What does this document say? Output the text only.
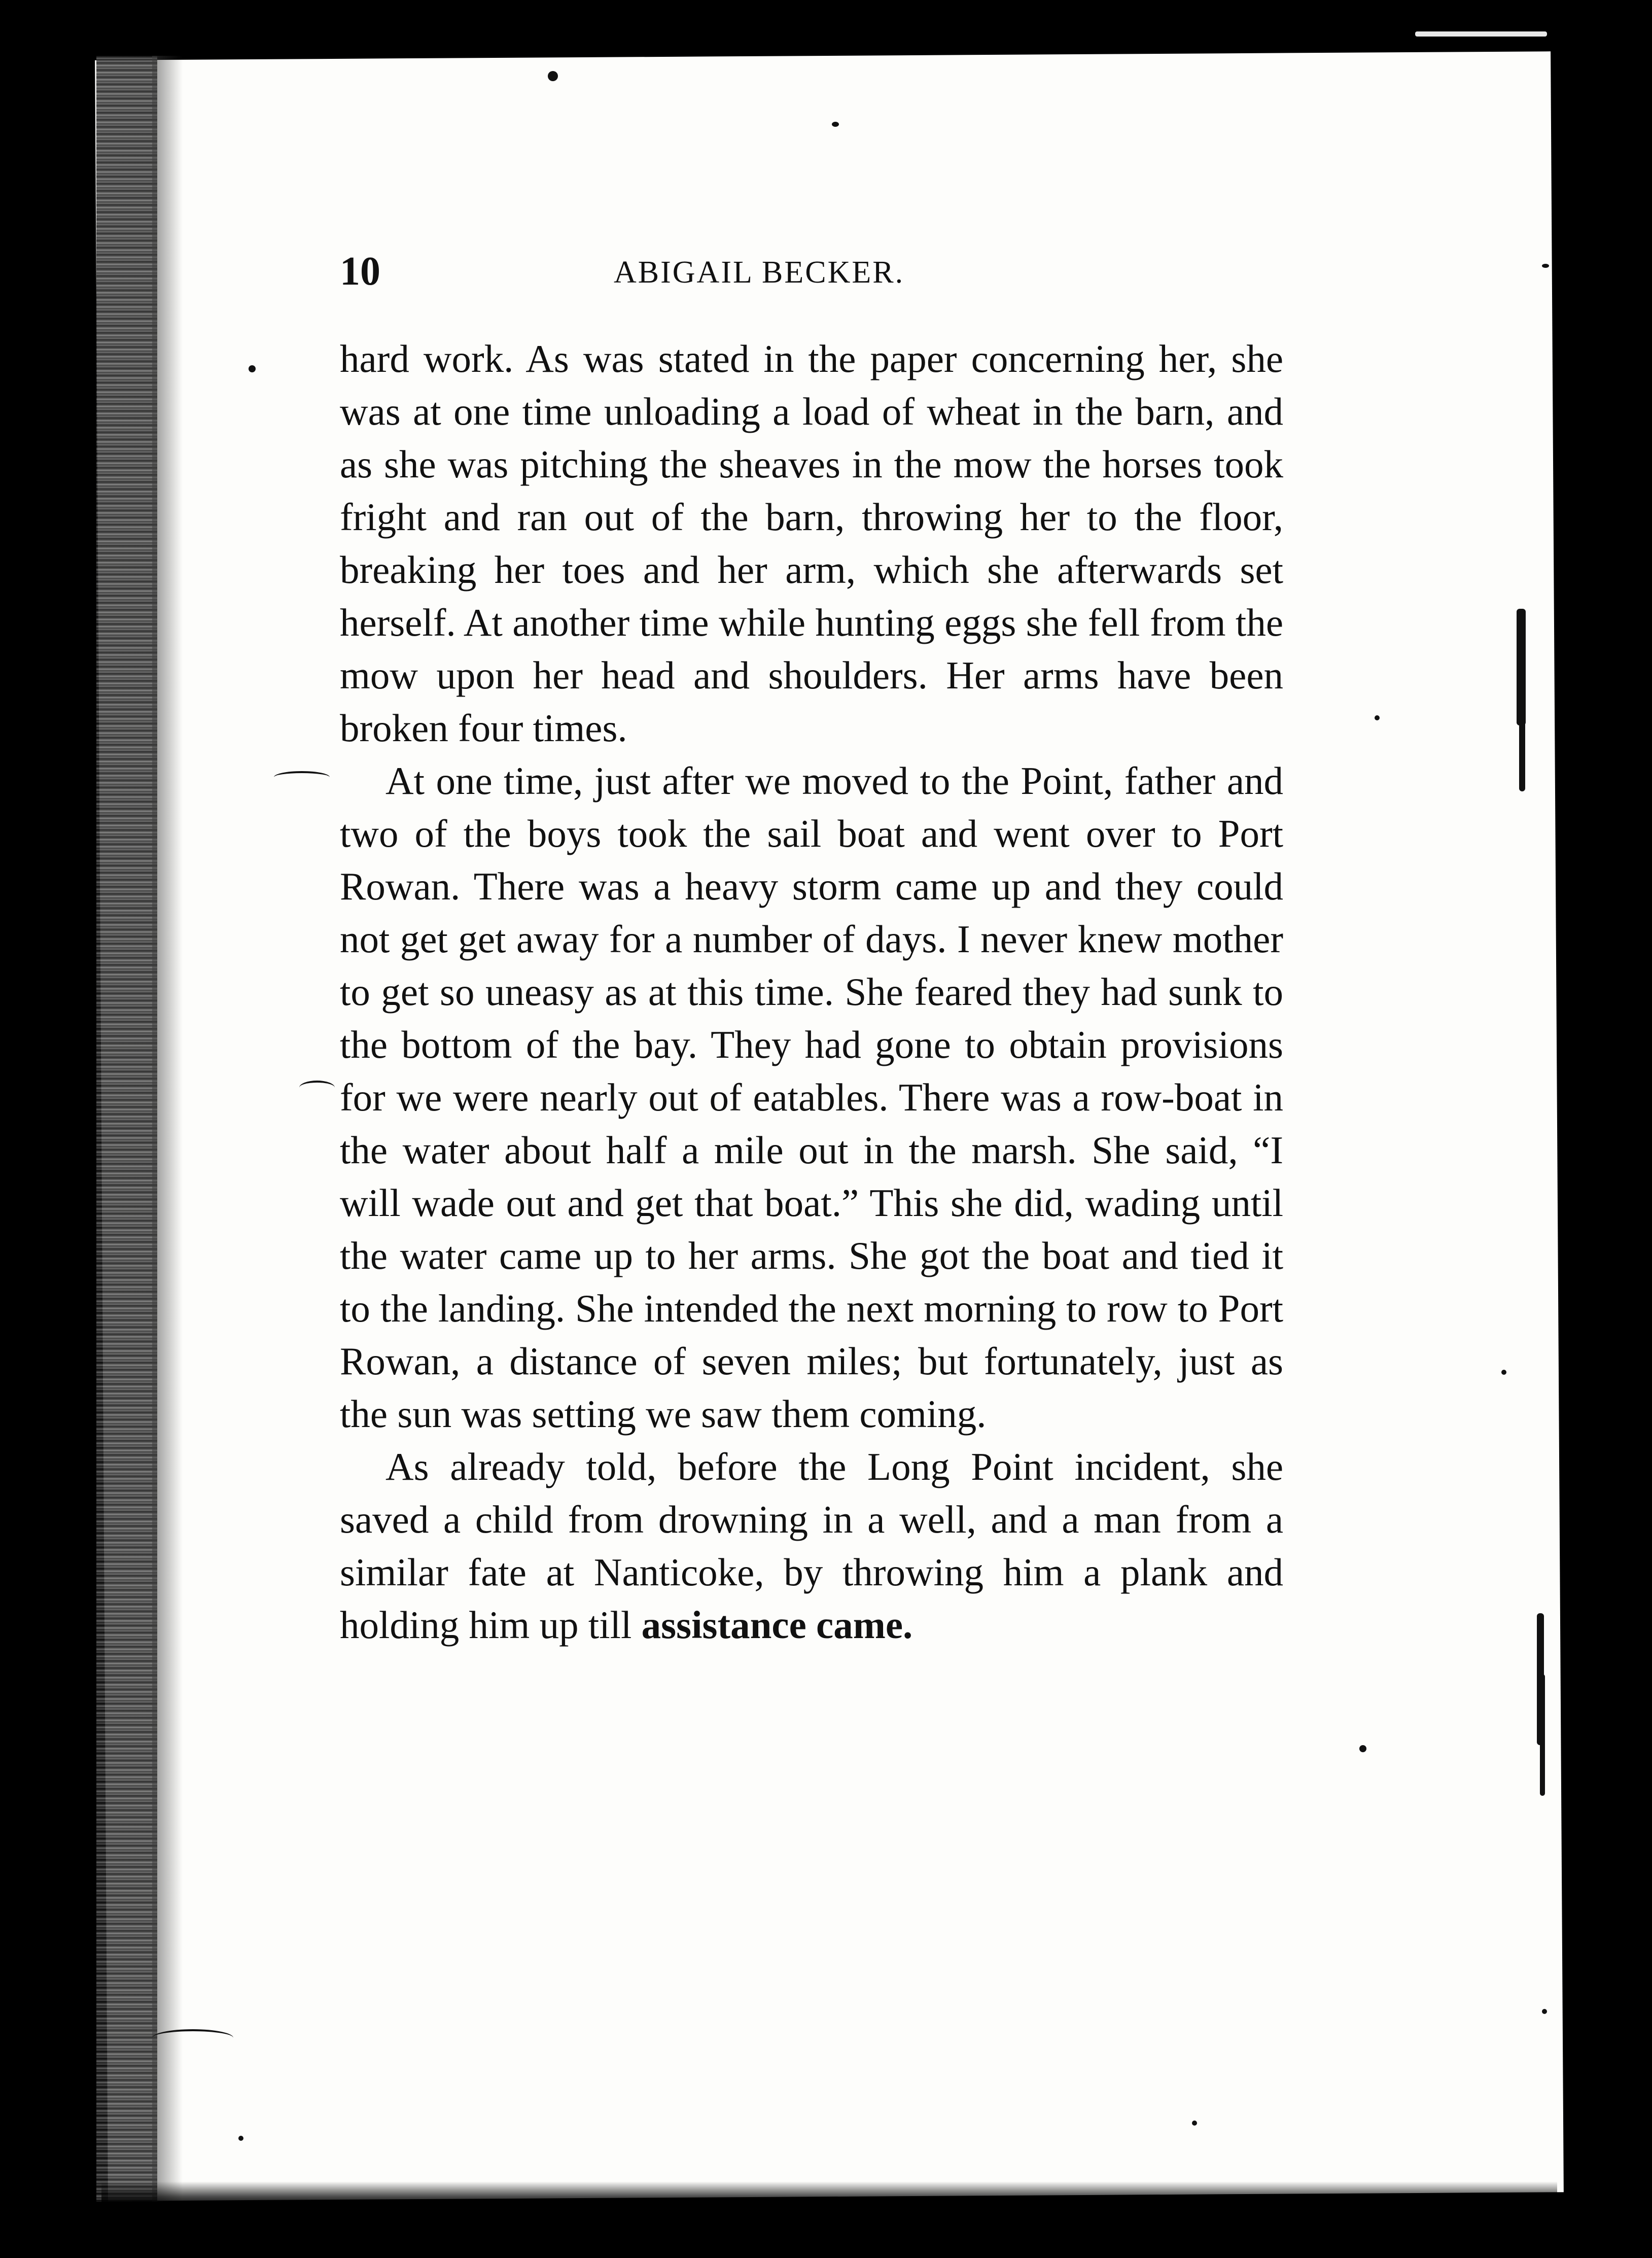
10	ABIGAIL BECKER.

hard work. As was stated in the paper concerning her, she was at one time unloading a load of wheat in the barn, and as she was pitching the sheaves in the mow the horses took fright and ran out of the barn, throwing her to the floor, breaking her toes and her arm, which she afterwards set herself. At another time while hunting eggs she fell from the mow upon her head and shoulders. Her arms have been broken four times.

At one time, just after we moved to the Point, father and two of the boys took the sail boat and went over to Port Rowan. There was a heavy storm came up and they could not get get away for a number of days. I never knew mother to get so uneasy as at this time. She feared they had sunk to the bottom of the bay. They had gone to obtain provisions for we were nearly out of eatables. There was a row-boat in the water about half a mile out in the marsh. She said, “I will wade out and get that boat.” This she did, wading until the water came up to her arms. She got the boat and tied it to the landing. She intended the next morning to row to Port Rowan, a distance of seven miles; but fortunately, just as the sun was setting we saw them coming.

As already told, before the Long Point incident, she saved a child from drowning in a well, and a man from a similar fate at Nanticoke, by throwing him a plank and holding him up till assistance came.
